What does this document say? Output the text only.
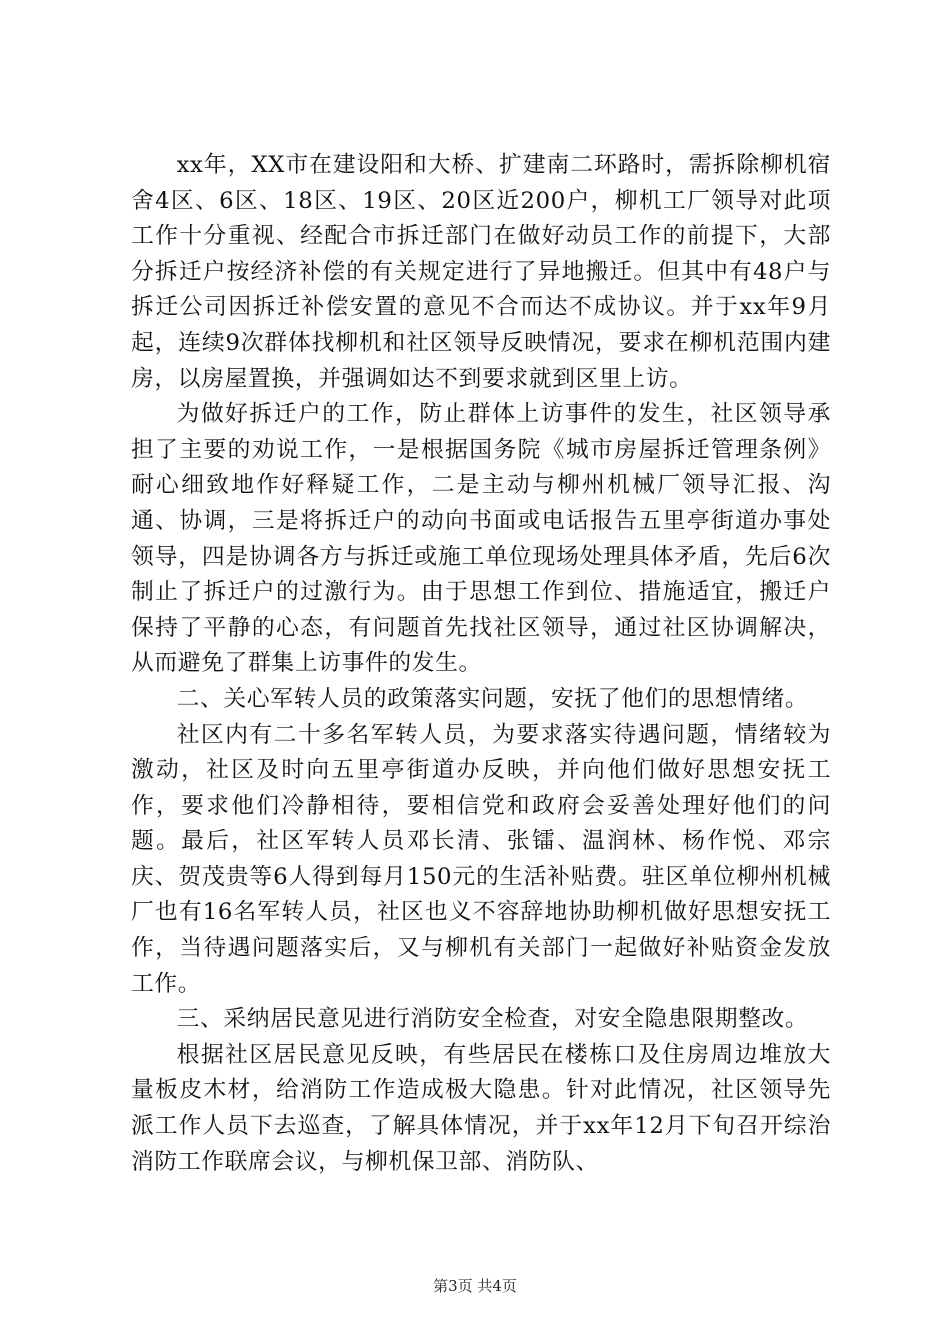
xx年，XX市在建设阳和大桥、扩建南二环路时，需拆除柳机宿舍4区、6区、18区、19区、20区近200户，柳机工厂领导对此项工作十分重视、经配合市拆迁部门在做好动员工作的前提下，大部分拆迁户按经济补偿的有关规定进行了异地搬迁。但其中有48户与拆迁公司因拆迁补偿安置的意见不合而达不成协议。并于xx年9月起，连续9次群体找柳机和社区领导反映情况，要求在柳机范围内建房，以房屋置换，并强调如达不到要求就到区里上访。

为做好拆迁户的工作，防止群体上访事件的发生，社区领导承担了主要的劝说工作，一是根据国务院《城市房屋拆迁管理条例》耐心细致地作好释疑工作，二是主动与柳州机械厂领导汇报、沟通、协调，三是将拆迁户的动向书面或电话报告五里亭街道办事处领导，四是协调各方与拆迁或施工单位现场处理具体矛盾，先后6次制止了拆迁户的过激行为。由于思想工作到位、措施适宜，搬迁户保持了平静的心态，有问题首先找社区领导，通过社区协调解决，从而避免了群集上访事件的发生。

二、关心军转人员的政策落实问题，安抚了他们的思想情绪。

社区内有二十多名军转人员，为要求落实待遇问题，情绪较为激动，社区及时向五里亭街道办反映，并向他们做好思想安抚工作，要求他们冷静相待，要相信党和政府会妥善处理好他们的问题。最后，社区军转人员邓长清、张镭、温润林、杨作悦、邓宗庆、贺茂贵等6人得到每月150元的生活补贴费。驻区单位柳州机械厂也有16名军转人员，社区也义不容辞地协助柳机做好思想安抚工作，当待遇问题落实后，又与柳机有关部门一起做好补贴资金发放工作。

三、采纳居民意见进行消防安全检查，对安全隐患限期整改。

根据社区居民意见反映，有些居民在楼栋口及住房周边堆放大量板皮木材，给消防工作造成极大隐患。针对此情况，社区领导先派工作人员下去巡查，了解具体情况，并于xx年12月下旬召开综治消防工作联席会议，与柳机保卫部、消防队、

第3页 共4页
